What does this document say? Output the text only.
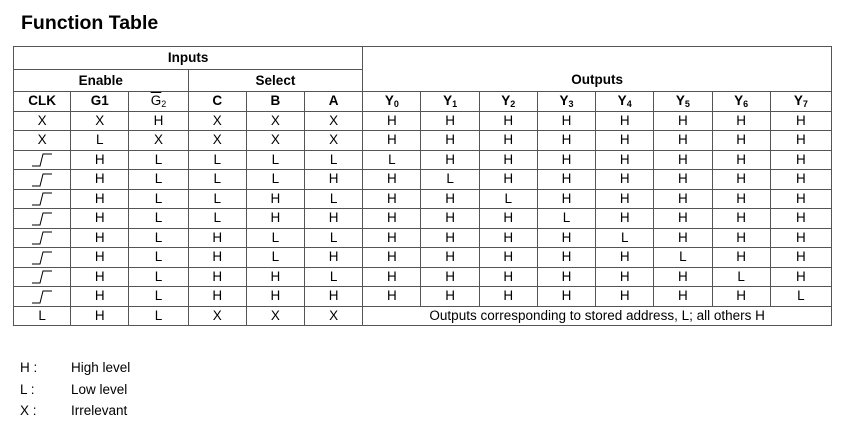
Function Table
Inputs						Outputs							
Enable			Select										
CLK	G1	$\overline{G}_2$	C	B	A	$Y_0$	$Y_1$	$Y_2$	$Y_3$	$Y_4$	$Y_5$	$Y_6$	$Y_7$
X	X	H	X	X	X	H	H	H	H	H	H	H	H
X	L	X	X	X	X	H	H	H	H	H	H	H	H
	H	L	L	L	L	L	H	H	H	H	H	H	H
	H	L	L	L	H	H	L	H	H	H	H	H	H
	H	L	L	H	L	H	H	L	H	H	H	H	H
	H	L	L	H	H	H	H	H	L	H	H	H	H
	H	L	H	L	L	H	H	H	H	L	H	H	H
	H	L	H	L	H	H	H	H	H	H	L	H	H
	H	L	H	H	L	H	H	H	H	H	H	L	H
	H	L	H	H	H	H	H	H	H	H	H	H	L
L	H	L	X	X	X	Outputs corresponding to stored address, L; all others H							
H :	High level
L :	Low level
X :	Irrelevant
